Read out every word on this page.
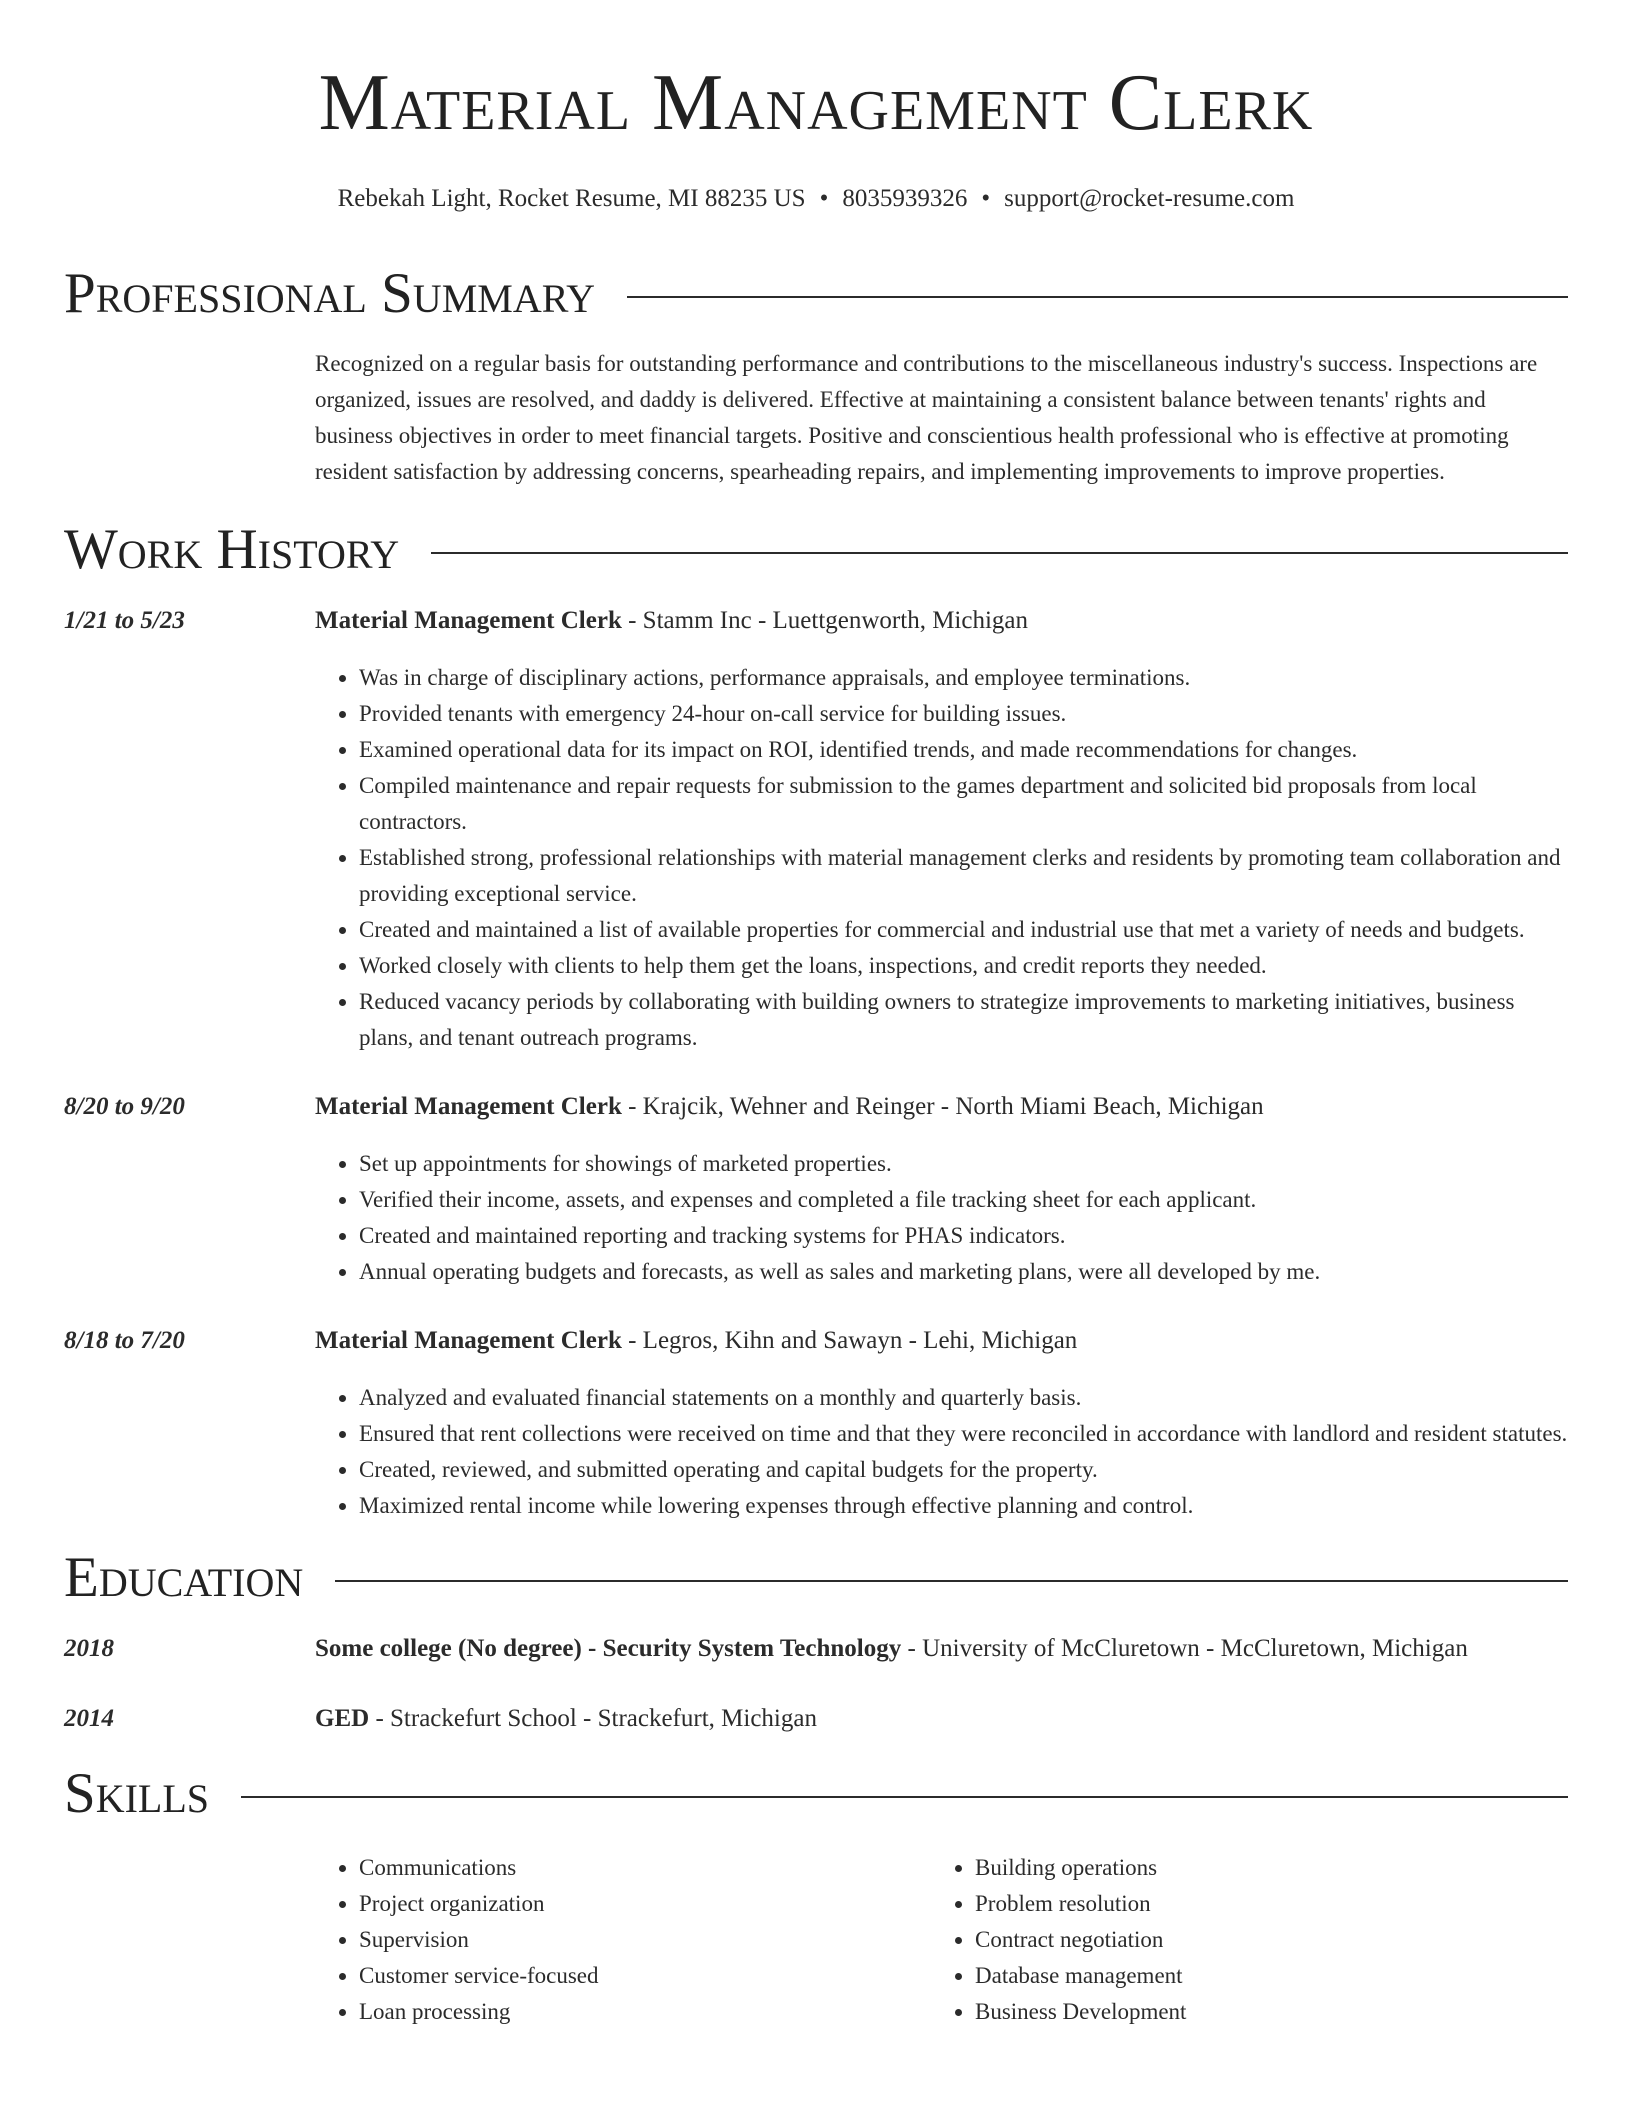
Material Management Clerk
Rebekah Light, Rocket Resume, MI 88235 US • 8035939326 • support@rocket-resume.com
Professional Summary

Recognized on a regular basis for outstanding performance and contributions to the miscellaneous industry's success. Inspections are organized, issues are resolved, and daddy is delivered. Effective at maintaining a consistent balance between tenants' rights and business objectives in order to meet financial targets. Positive and conscientious health professional who is effective at promoting resident satisfaction by addressing concerns, spearheading repairs, and implementing improvements to improve properties.

Work History
1/21 to 5/23	Material Management Clerk - Stamm Inc - Luettgenworth, Michigan
• Was in charge of disciplinary actions, performance appraisals, and employee terminations.
• Provided tenants with emergency 24-hour on-call service for building issues.
• Examined operational data for its impact on ROI, identified trends, and made recommendations for changes.
• Compiled maintenance and repair requests for submission to the games department and solicited bid proposals from local contractors.
• Established strong, professional relationships with material management clerks and residents by promoting team collaboration and providing exceptional service.
• Created and maintained a list of available properties for commercial and industrial use that met a variety of needs and budgets.
• Worked closely with clients to help them get the loans, inspections, and credit reports they needed.
• Reduced vacancy periods by collaborating with building owners to strategize improvements to marketing initiatives, business plans, and tenant outreach programs.
8/20 to 9/20	Material Management Clerk - Krajcik, Wehner and Reinger - North Miami Beach, Michigan
• Set up appointments for showings of marketed properties.
• Verified their income, assets, and expenses and completed a file tracking sheet for each applicant.
• Created and maintained reporting and tracking systems for PHAS indicators.
• Annual operating budgets and forecasts, as well as sales and marketing plans, were all developed by me.
8/18 to 7/20	Material Management Clerk - Legros, Kihn and Sawayn - Lehi, Michigan
• Analyzed and evaluated financial statements on a monthly and quarterly basis.
• Ensured that rent collections were received on time and that they were reconciled in accordance with landlord and resident statutes.
• Created, reviewed, and submitted operating and capital budgets for the property.
• Maximized rental income while lowering expenses through effective planning and control.
Education
2018	Some college (No degree) - Security System Technology - University of McCluretown - McCluretown, Michigan
2014	GED - Strackefurt School - Strackefurt, Michigan
Skills
• Communications
• Project organization
• Supervision
• Customer service-focused
• Loan processing
• Building operations
• Problem resolution
• Contract negotiation
• Database management
• Business Development
